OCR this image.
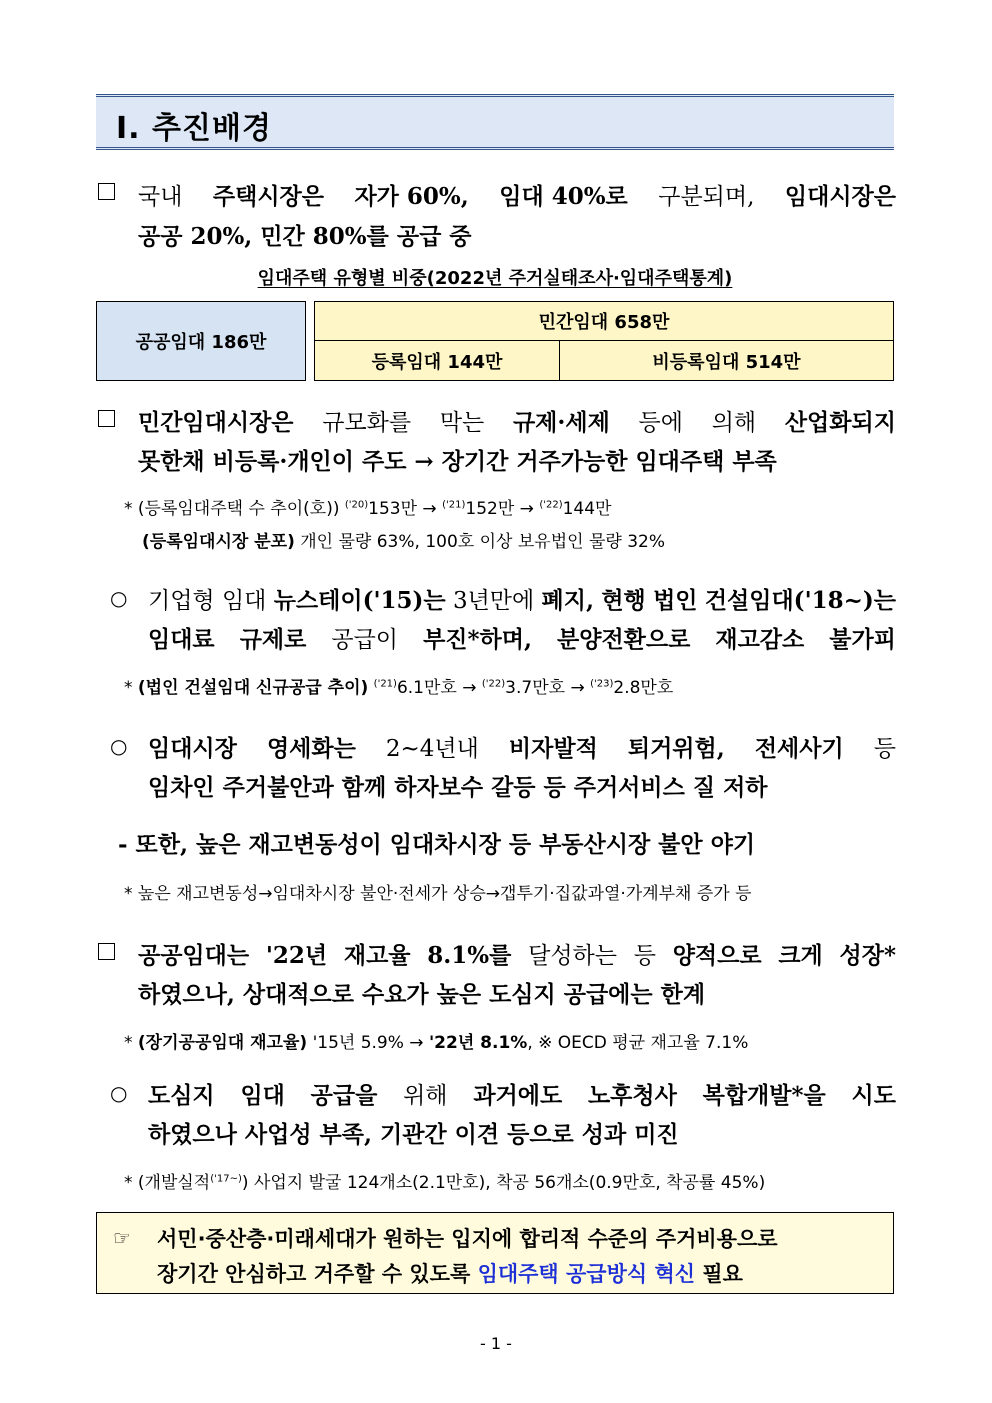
Ⅰ. 추진배경
국내 주택시장은 자가 60%, 임대 40%로 구분되며, 임대시장은
공공 20%, 민간 80%를 공급 중
임대주택 유형별 비중(2022년 주거실태조사·임대주택통계)
공공임대 186만
민간임대 658만
등록임대 144만	비등록임대 514만
민간임대시장은 규모화를 막는 규제·세제 등에 의해 산업화되지
못한채 비등록·개인이 주도 → 장기간 거주가능한 임대주택 부족
* (등록임대주택 수 추이(호)) $^{('20)}$153만 → $^{('21)}$152만 → $^{('22)}$144만
(등록임대시장 분포) 개인 물량 63%, 100호 이상 보유법인 물량 32%
○ 기업형 임대 뉴스테이('15)는 3년만에 폐지, 현행 법인 건설임대('18~)는
임대료 규제로 공급이 부진*하며, 분양전환으로 재고감소 불가피
* (법인 건설임대 신규공급 추이) $^{('21)}$6.1만호 → $^{('22)}$3.7만호 → $^{('23)}$2.8만호
○ 임대시장 영세화는 2~4년내 비자발적 퇴거위험, 전세사기 등
임차인 주거불안과 함께 하자보수 갈등 등 주거서비스 질 저하
- 또한, 높은 재고변동성이 임대차시장 등 부동산시장 불안 야기
* 높은 재고변동성→임대차시장 불안·전세가 상승→갭투기·집값과열·가계부채 증가 등
공공임대는 '22년 재고율 8.1%를 달성하는 등 양적으로 크게 성장*
하였으나, 상대적으로 수요가 높은 도심지 공급에는 한계
* (장기공공임대 재고율) '15년 5.9% → '22년 8.1%, ※ OECD 평균 재고율 7.1%
○ 도심지 임대 공급을 위해 과거에도 노후청사 복합개발*을 시도
하였으나 사업성 부족, 기관간 이견 등으로 성과 미진
* (개발실적$^{('17\sim)}$) 사업지 발굴 124개소(2.1만호), 착공 56개소(0.9만호, 착공률 45%)
☞ 서민·중산층·미래세대가 원하는 입지에 합리적 수준의 주거비용으로
장기간 안심하고 거주할 수 있도록 임대주택 공급방식 혁신 필요
- 1 -
